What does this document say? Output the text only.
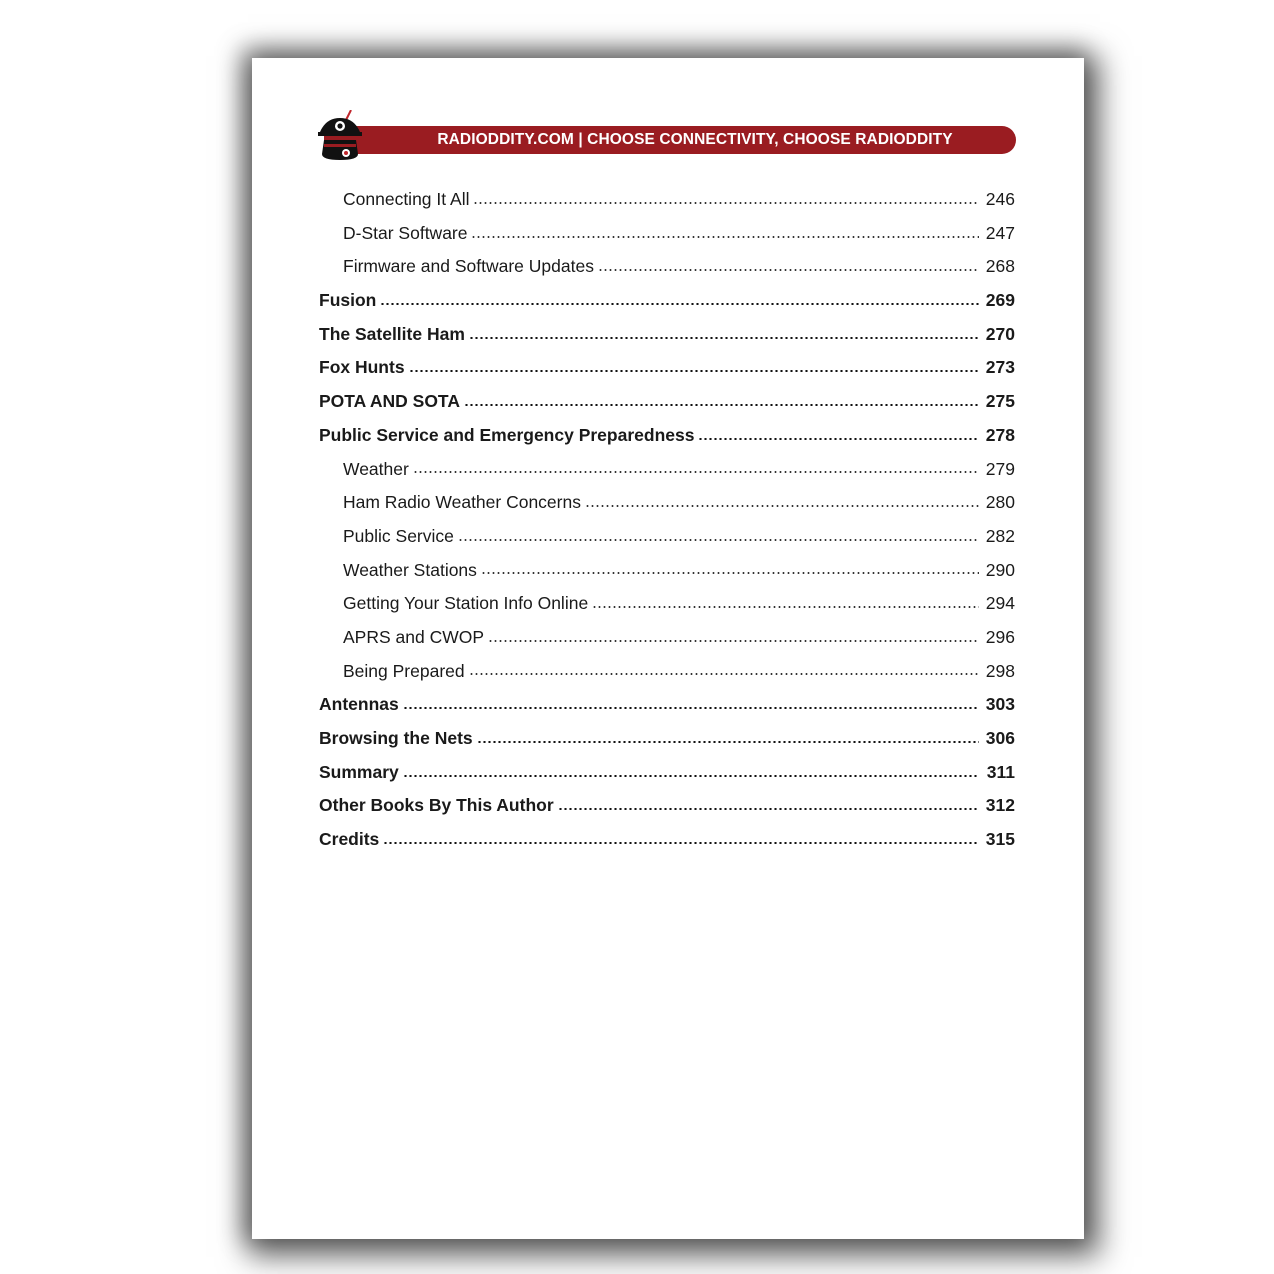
RADIODDITY.COM | CHOOSE CONNECTIVITY, CHOOSE RADIODDITY
Connecting It All	246
D-Star Software	247
Firmware and Software Updates	268
Fusion	269
The Satellite Ham	270
Fox Hunts	273
POTA AND SOTA	275
Public Service and Emergency Preparedness	278
Weather	279
Ham Radio Weather Concerns	280
Public Service	282
Weather Stations	290
Getting Your Station Info Online	294
APRS and CWOP	296
Being Prepared	298
Antennas	303
Browsing the Nets	306
Summary	311
Other Books By This Author	312
Credits	315
